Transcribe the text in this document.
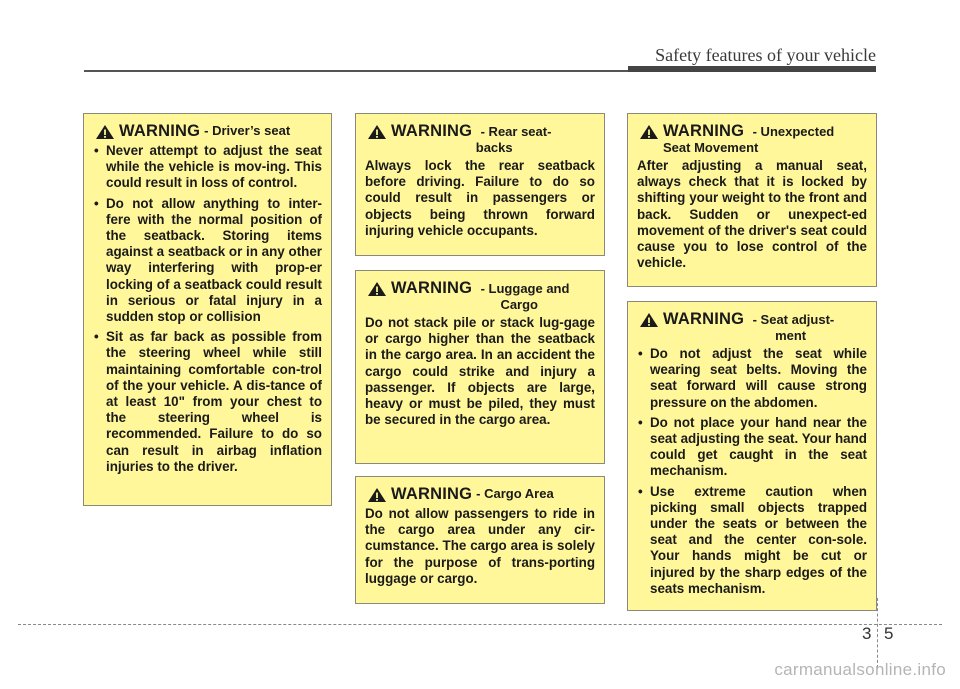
Safety features of your vehicle
WARNING - Driver’s seat
• Never attempt to adjust the seat while the vehicle is mov-ing. This could result in loss of control.
• Do not allow anything to inter-fere with the normal position of the seatback. Storing items against a seatback or in any other way interfering with prop-er locking of a seatback could result in serious or fatal injury in a sudden stop or collision
• Sit as far back as possible from the steering wheel while still maintaining comfortable con-trol of the your vehicle. A dis-tance of at least 10" from your chest to the steering wheel is recommended. Failure to do so can result in airbag inflation injuries to the driver.
WARNING - Rear seat-
backs
Always lock the rear seatback before driving. Failure to do so could result in passengers or objects being thrown forward injuring vehicle occupants.
WARNING - Luggage and
Cargo
Do not stack pile or stack lug-gage or cargo higher than the seatback in the cargo area. In an accident the cargo could strike and injury a passenger. If objects are large, heavy or must be piled, they must be secured in the cargo area.
WARNING - Cargo Area
Do not allow passengers to ride in the cargo area under any cir-cumstance. The cargo area is solely for the purpose of trans-porting luggage or cargo.
WARNING - Unexpected
Seat Movement
After adjusting a manual seat, always check that it is locked by shifting your weight to the front and back. Sudden or unexpect-ed movement of the driver's seat could cause you to lose control of the vehicle.
WARNING - Seat adjust-
ment
• Do not adjust the seat while wearing seat belts. Moving the seat forward will cause strong pressure on the abdomen.
• Do not place your hand near the seat adjusting the seat. Your hand could get caught in the seat mechanism.
• Use extreme caution when picking small objects trapped under the seats or between the seat and the center con-sole. Your hands might be cut or injured by the sharp edges of the seats mechanism.
3 5
carmanualsonline.info
